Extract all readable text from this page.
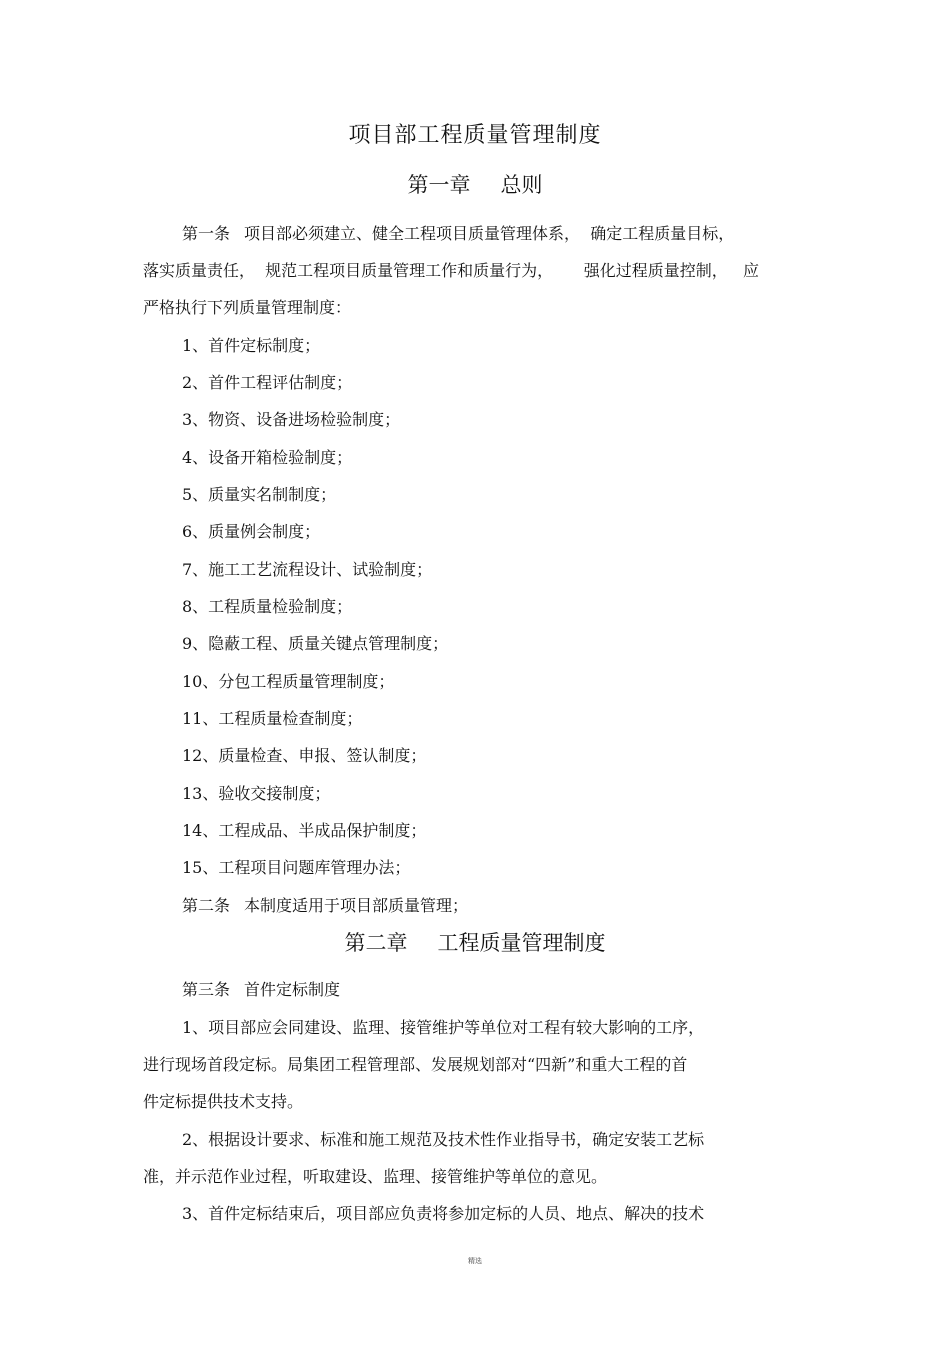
项目部工程质量管理制度
第一章 总则
第一条 项目部必须建立、健全工程项目质量管理体系，  确定工程质量目标，
落实质量责任，  规范工程项目质量管理工作和质量行为，      强化过程质量控制，   应
严格执行下列质量管理制度：
1、首件定标制度；
2、首件工程评估制度；
3、物资、设备进场检验制度；
4、设备开箱检验制度；
5、质量实名制制度；
6、质量例会制度；
7、施工工艺流程设计、试验制度；
8、工程质量检验制度；
9、隐蔽工程、质量关键点管理制度；
10、分包工程质量管理制度；
11、工程质量检查制度；
12、质量检查、申报、签认制度；
13、验收交接制度；
14、工程成品、半成品保护制度；
15、工程项目问题库管理办法；
第二条 本制度适用于项目部质量管理；
第二章 工程质量管理制度
第三条 首件定标制度
1、项目部应会同建设、监理、接管维护等单位对工程有较大影响的工序，
进行现场首段定标。局集团工程管理部、发展规划部对“四新”和重大工程的首
件定标提供技术支持。
2、根据设计要求、标准和施工规范及技术性作业指导书，确定安装工艺标
准，并示范作业过程，听取建设、监理、接管维护等单位的意见。
3、首件定标结束后，项目部应负责将参加定标的人员、地点、解决的技术
精选
